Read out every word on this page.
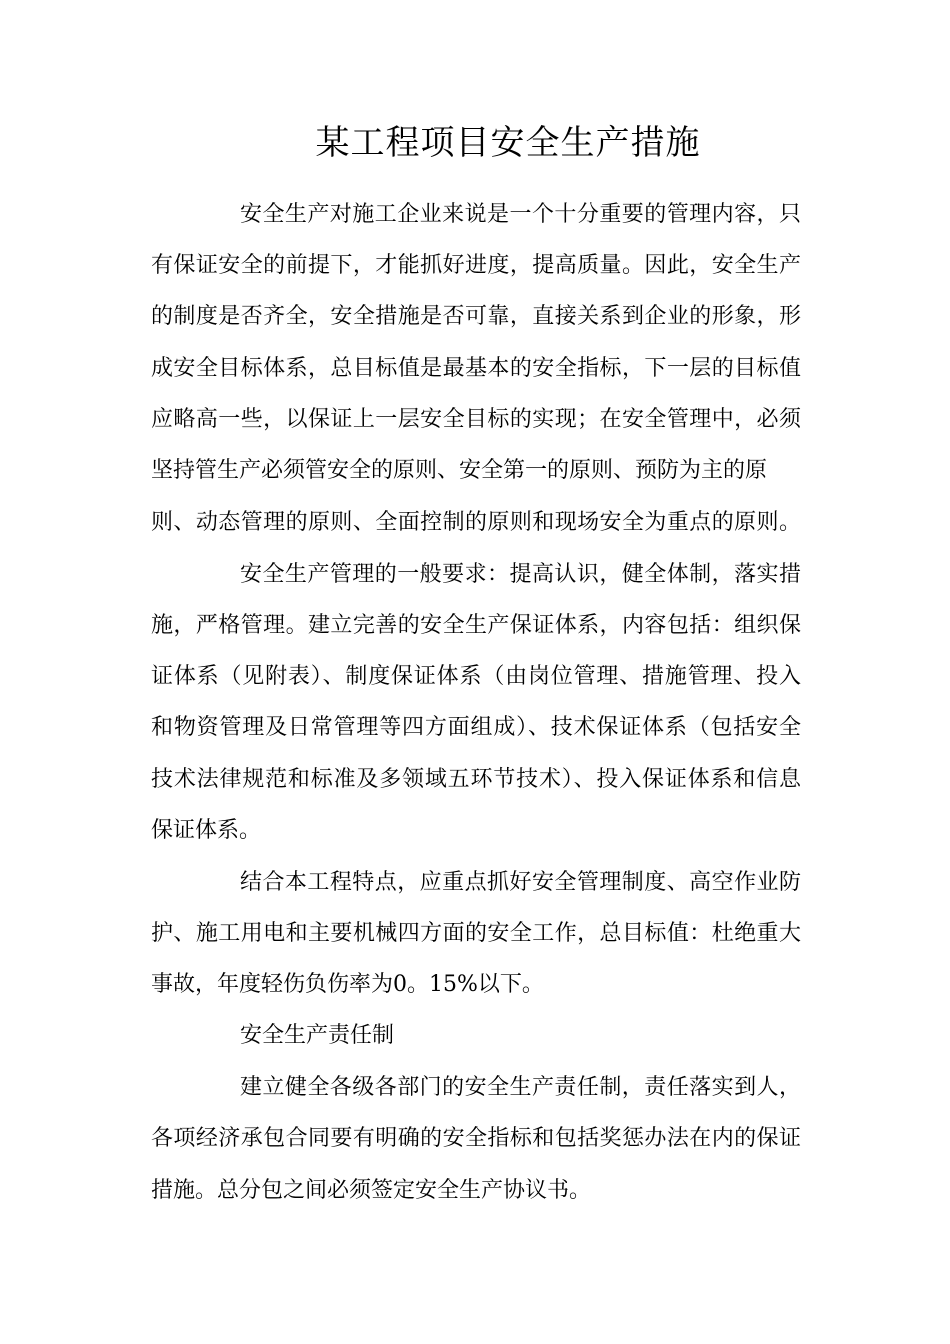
某工程项目安全生产措施

安全生产对施工企业来说是一个十分重要的管理内容，只

有保证安全的前提下，才能抓好进度，提高质量。因此，安全生产

的制度是否齐全，安全措施是否可靠，直接关系到企业的形象，形

成安全目标体系，总目标值是最基本的安全指标，下一层的目标值

应略高一些，以保证上一层安全目标的实现；在安全管理中，必须

坚持管生产必须管安全的原则、安全第一的原则、预防为主的原

则、动态管理的原则、全面控制的原则和现场安全为重点的原则。

安全生产管理的一般要求：提高认识，健全体制，落实措

施，严格管理。建立完善的安全生产保证体系，内容包括：组织保

证体系（见附表）、制度保证体系（由岗位管理、措施管理、投入

和物资管理及日常管理等四方面组成）、技术保证体系（包括安全

技术法律规范和标准及多领域五环节技术）、投入保证体系和信息

保证体系。

结合本工程特点，应重点抓好安全管理制度、高空作业防

护、施工用电和主要机械四方面的安全工作，总目标值：杜绝重大

事故，年度轻伤负伤率为0。15%以下。

安全生产责任制

建立健全各级各部门的安全生产责任制，责任落实到人，

各项经济承包合同要有明确的安全指标和包括奖惩办法在内的保证

措施。总分包之间必须签定安全生产协议书。
